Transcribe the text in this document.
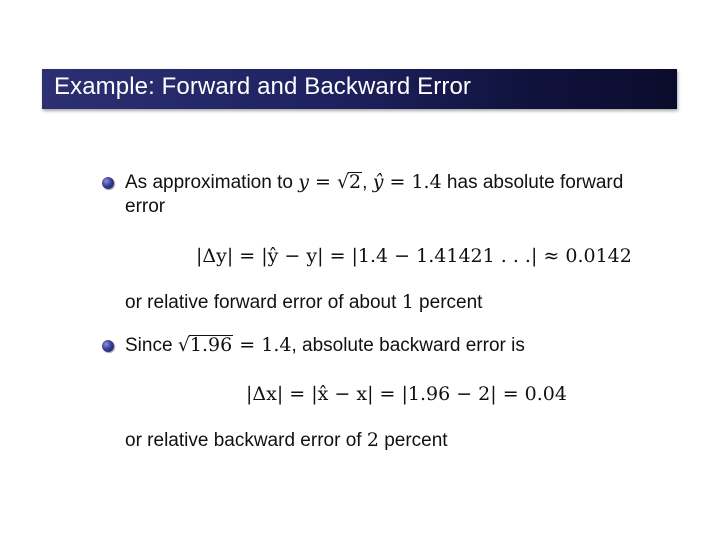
Example: Forward and Backward Error
As approximation to y = √2, ŷ = 1.4 has absolute forward
error
|Δy| = |ŷ − y| = |1.4 − 1.41421 . . .| ≈ 0.0142
or relative forward error of about 1 percent
Since √1.96 = 1.4, absolute backward error is
|Δx| = |x̂ − x| = |1.96 − 2| = 0.04
or relative backward error of 2 percent
